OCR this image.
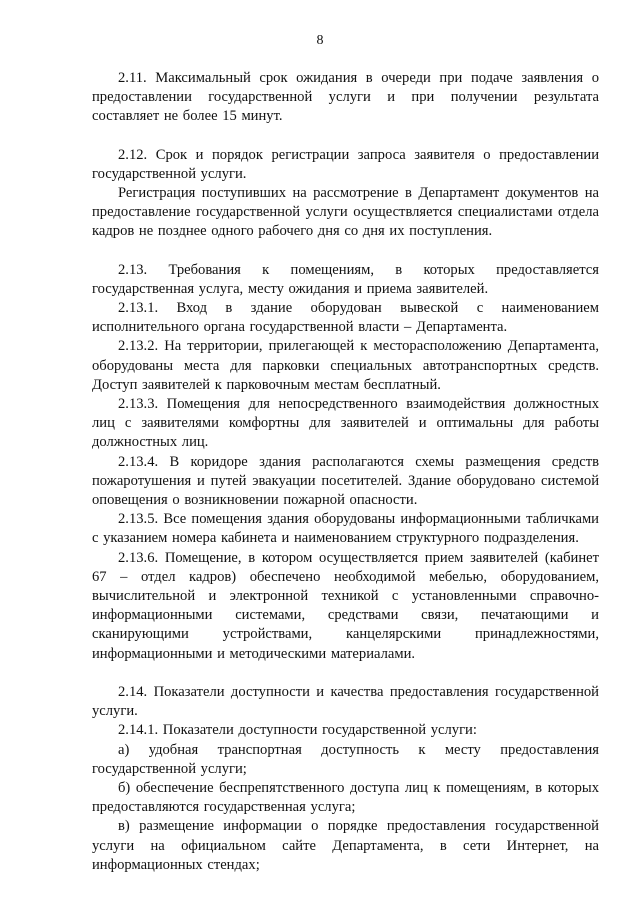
8

2.11. Максимальный срок ожидания в очереди при подаче заявления о предоставлении государственной услуги и при получении результата составляет не более 15 минут.

2.12. Срок и порядок регистрации запроса заявителя о предоставлении государственной услуги.

Регистрация поступивших на рассмотрение в Департамент документов на предоставление государственной услуги осуществляется специалистами отдела кадров не позднее одного рабочего дня со дня их поступления.

2.13. Требования к помещениям, в которых предоставляется государственная услуга, месту ожидания и приема заявителей.

2.13.1. Вход в здание оборудован вывеской с наименованием исполнительного органа государственной власти – Департамента.

2.13.2. На территории, прилегающей к месторасположению Департамента, оборудованы места для парковки специальных автотранспортных средств. Доступ заявителей к парковочным местам бесплатный.

2.13.3. Помещения для непосредственного взаимодействия должностных лиц с заявителями комфортны для заявителей и оптимальны для работы должностных лиц.

2.13.4. В коридоре здания располагаются схемы размещения средств пожаротушения и путей эвакуации посетителей. Здание оборудовано системой оповещения о возникновении пожарной опасности.

2.13.5. Все помещения здания оборудованы информационными табличками с указанием номера кабинета и наименованием структурного подразделения.

2.13.6. Помещение, в котором осуществляется прием заявителей (кабинет 67 – отдел кадров) обеспечено необходимой мебелью, оборудованием, вычислительной и электронной техникой с установленными справочно-информационными системами, средствами связи, печатающими и сканирующими устройствами, канцелярскими принадлежностями, информационными и методическими материалами.

2.14. Показатели доступности и качества предоставления государственной услуги.

2.14.1. Показатели доступности государственной услуги:

а) удобная транспортная доступность к месту предоставления государственной услуги;

б) обеспечение беспрепятственного доступа лиц к помещениям, в которых предоставляются государственная услуга;

в) размещение информации о порядке предоставления государственной услуги на официальном сайте Департамента, в сети Интернет, на информационных стендах;
